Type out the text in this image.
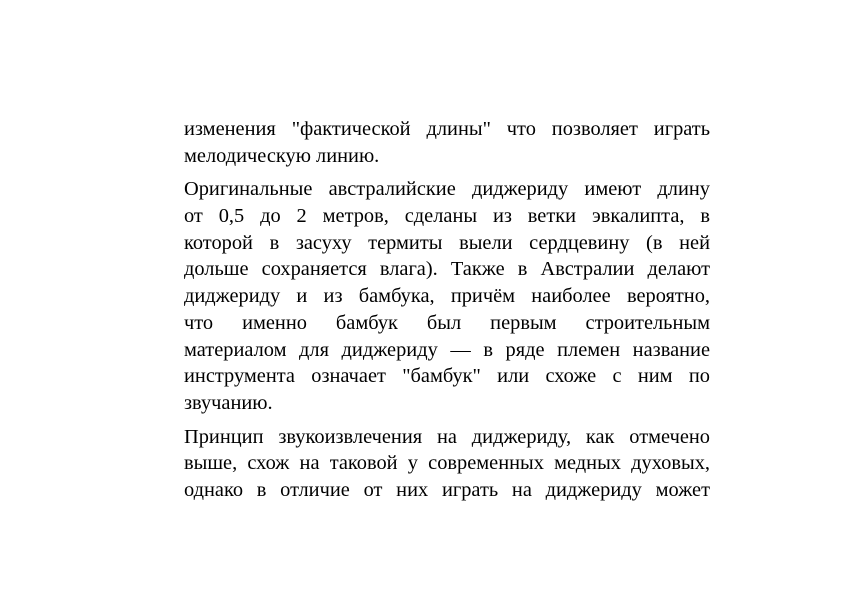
изменения "фактической длины" что позволяет играть
мелодическую линию.

Оригинальные австралийские диджериду имеют длину
от 0,5 до 2 метров, сделаны из ветки эвкалипта, в
которой в засуху термиты выели сердцевину (в ней
дольше сохраняется влага). Также в Австралии делают
диджериду и из бамбука, причём наиболее вероятно,
что именно бамбук был первым строительным
материалом для диджериду — в ряде племен название
инструмента означает "бамбук" или схоже с ним по
звучанию.

Принцип звукоизвлечения на диджериду, как отмечено
выше, схож на таковой у современных медных духовых,
однако в отличие от них играть на диджериду может
